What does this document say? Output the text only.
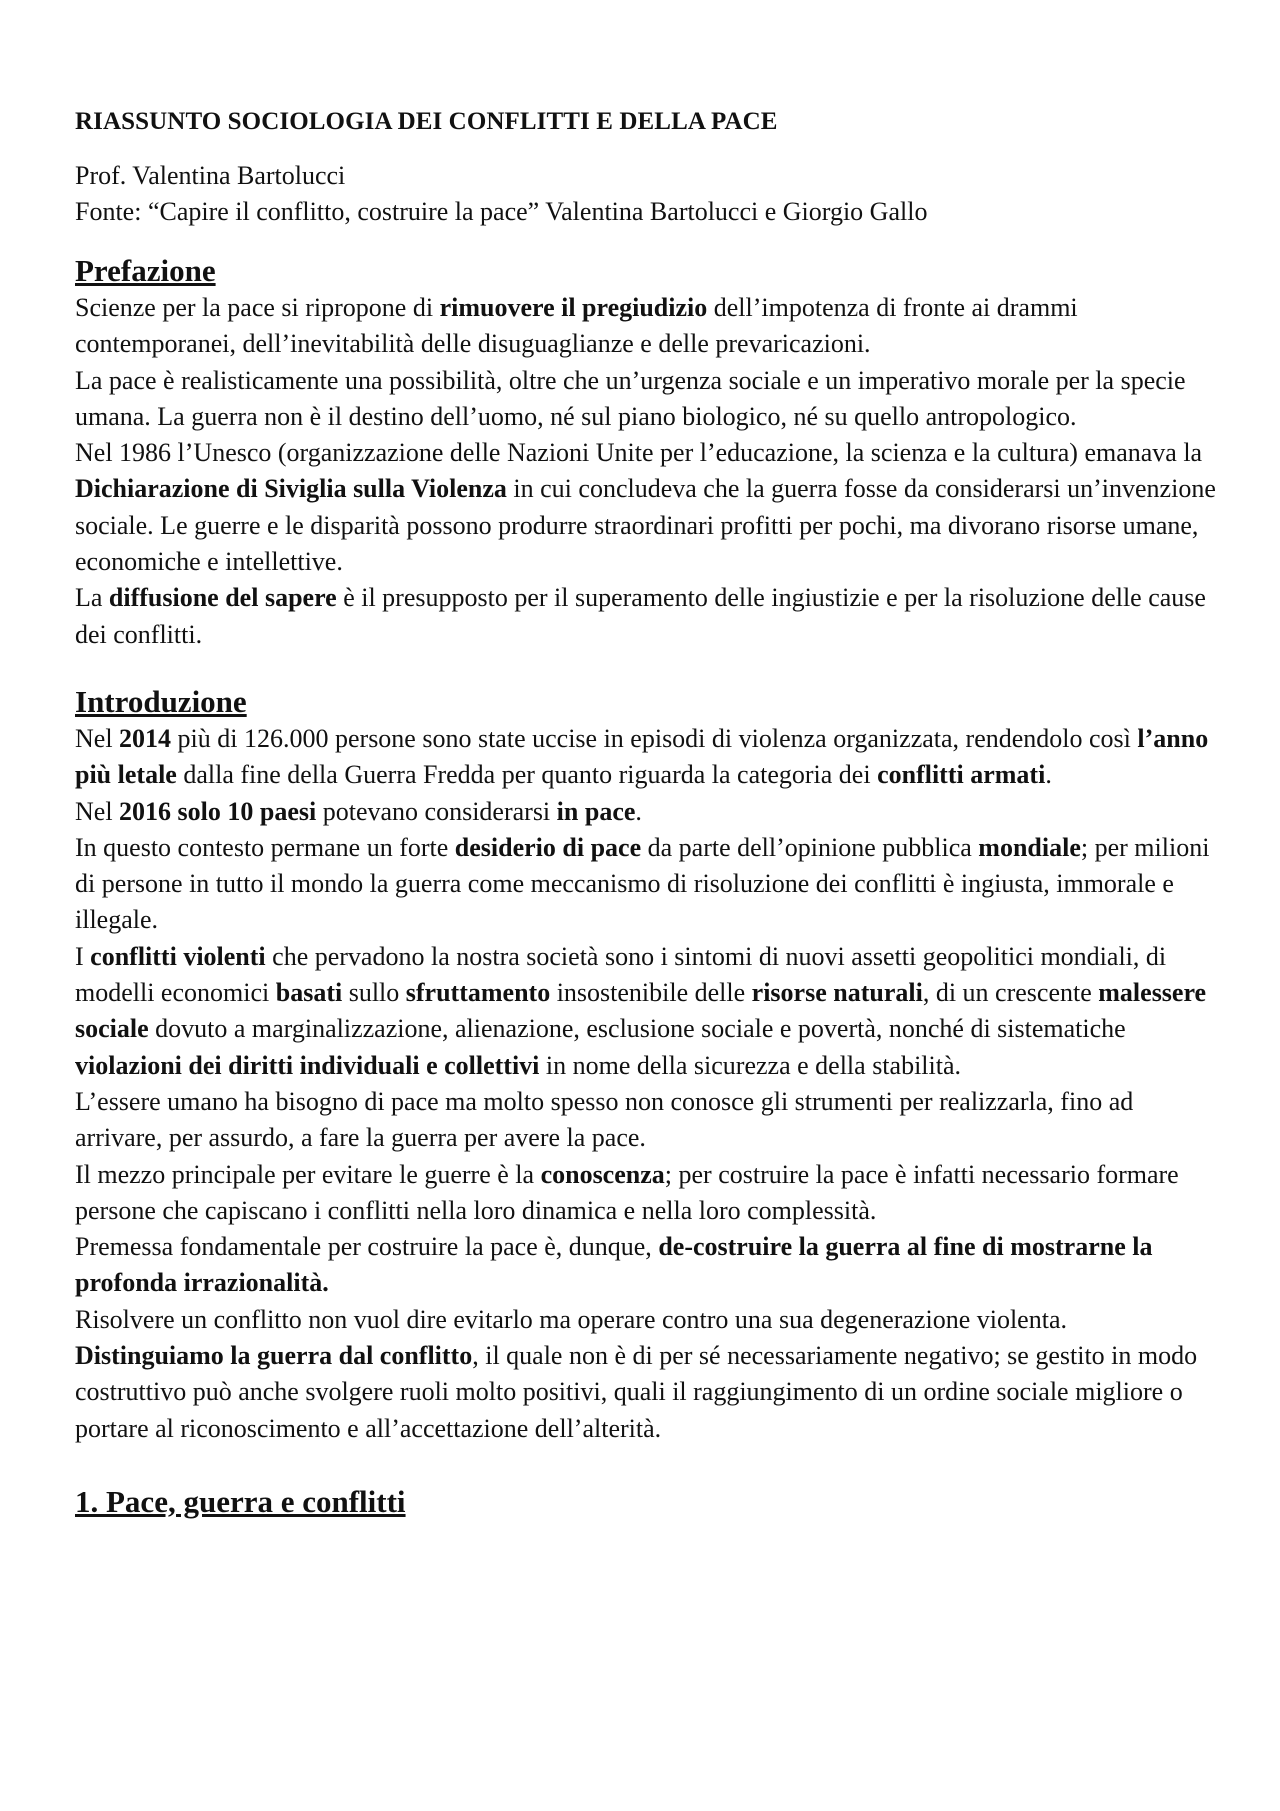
RIASSUNTO SOCIOLOGIA DEI CONFLITTI E DELLA PACE
Prof. Valentina Bartolucci
Fonte: “Capire il conflitto, costruire la pace” Valentina Bartolucci e Giorgio Gallo
Prefazione
Scienze per la pace si ripropone di rimuovere il pregiudizio dell’impotenza di fronte ai drammi contemporanei, dell’inevitabilità delle disuguaglianze e delle prevaricazioni.
La pace è realisticamente una possibilità, oltre che un’urgenza sociale e un imperativo morale per la specie umana. La guerra non è il destino dell’uomo, né sul piano biologico, né su quello antropologico.
Nel 1986 l’Unesco (organizzazione delle Nazioni Unite per l’educazione, la scienza e la cultura) emanava la Dichiarazione di Siviglia sulla Violenza in cui concludeva che la guerra fosse da considerarsi un’invenzione sociale. Le guerre e le disparità possono produrre straordinari profitti per pochi, ma divorano risorse umane, economiche e intellettive.
La diffusione del sapere è il presupposto per il superamento delle ingiustizie e per la risoluzione delle cause dei conflitti.
Introduzione
Nel 2014 più di 126.000 persone sono state uccise in episodi di violenza organizzata, rendendolo così l’anno più letale dalla fine della Guerra Fredda per quanto riguarda la categoria dei conflitti armati.
Nel 2016 solo 10 paesi potevano considerarsi in pace.
In questo contesto permane un forte desiderio di pace da parte dell’opinione pubblica mondiale; per milioni di persone in tutto il mondo la guerra come meccanismo di risoluzione dei conflitti è ingiusta, immorale e illegale.
I conflitti violenti che pervadono la nostra società sono i sintomi di nuovi assetti geopolitici mondiali, di modelli economici basati sullo sfruttamento insostenibile delle risorse naturali, di un crescente malessere sociale dovuto a marginalizzazione, alienazione, esclusione sociale e povertà, nonché di sistematiche violazioni dei diritti individuali e collettivi in nome della sicurezza e della stabilità.
L’essere umano ha bisogno di pace ma molto spesso non conosce gli strumenti per realizzarla, fino ad arrivare, per assurdo, a fare la guerra per avere la pace.
Il mezzo principale per evitare le guerre è la conoscenza; per costruire la pace è infatti necessario formare persone che capiscano i conflitti nella loro dinamica e nella loro complessità.
Premessa fondamentale per costruire la pace è, dunque, de-costruire la guerra al fine di mostrarne la profonda irrazionalità.
Risolvere un conflitto non vuol dire evitarlo ma operare contro una sua degenerazione violenta.
Distinguiamo la guerra dal conflitto, il quale non è di per sé necessariamente negativo; se gestito in modo costruttivo può anche svolgere ruoli molto positivi, quali il raggiungimento di un ordine sociale migliore o portare al riconoscimento e all’accettazione dell’alterità.
1. Pace, guerra e conflitti
